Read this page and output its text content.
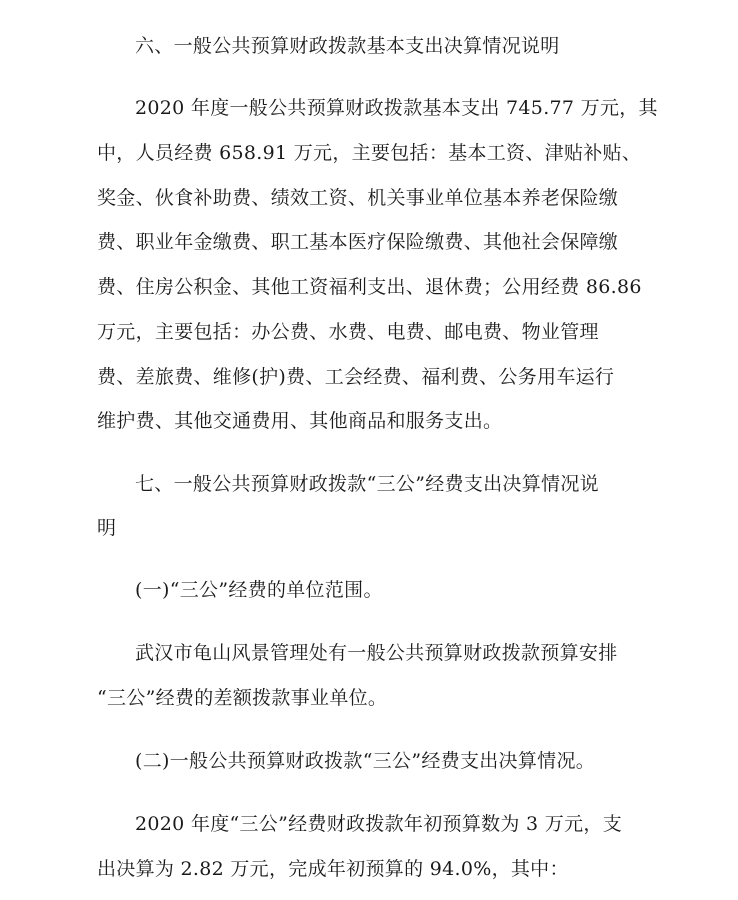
六、一般公共预算财政拨款基本支出决算情况说明
2020 年度一般公共预算财政拨款基本支出 745.77 万元，其
中，人员经费 658.91 万元，主要包括：基本工资、津贴补贴、
奖金、伙食补助费、绩效工资、机关事业单位基本养老保险缴
费、职业年金缴费、职工基本医疗保险缴费、其他社会保障缴
费、住房公积金、其他工资福利支出、退休费；公用经费 86.86
万元，主要包括：办公费、水费、电费、邮电费、物业管理
费、差旅费、维修(护)费、工会经费、福利费、公务用车运行
维护费、其他交通费用、其他商品和服务支出。
七、一般公共预算财政拨款“三公”经费支出决算情况说
明
(一)“三公”经费的单位范围。
武汉市龟山风景管理处有一般公共预算财政拨款预算安排
“三公”经费的差额拨款事业单位。
(二)一般公共预算财政拨款“三公”经费支出决算情况。
2020 年度“三公”经费财政拨款年初预算数为 3 万元，支
出决算为 2.82 万元，完成年初预算的 94.0%，其中：
